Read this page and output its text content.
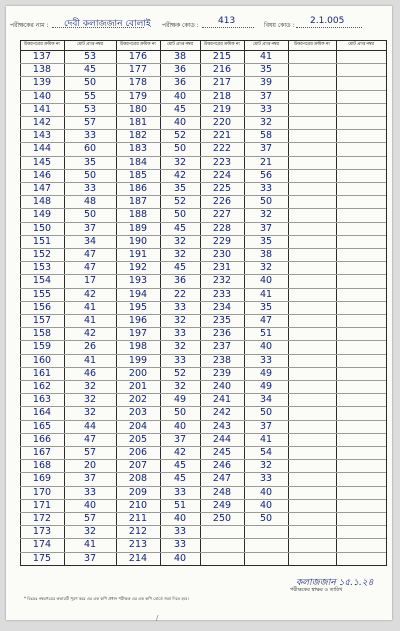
পরীক্ষকের নাম : দেবী কলাজজান বোলাই পরীক্ষক কোড : 413	বিষয় কোড : 2.1.005
উত্তরপত্রের ক্রমিক নং	মোট প্রাপ্ত নম্বর	উত্তরপত্রের ক্রমিক নং	মোট প্রাপ্ত নম্বর	উত্তরপত্রের ক্রমিক নং	মোট প্রাপ্ত নম্বর	উত্তরপত্রের ক্রমিক নং	মোট প্রাপ্ত নম্বর
137	53	176	38	215	41
138	45	177	36	216	35
139	50	178	36	217	39
140	55	179	40	218	37
141	53	180	45	219	33
142	57	181	40	220	32
143	33	182	52	221	58
144	60	183	50	222	37
145	35	184	32	223	21
146	50	185	42	224	56
147	33	186	35	225	33
148	48	187	52	226	50
149	50	188	50	227	32
150	37	189	45	228	37
151	34	190	32	229	35
152	47	191	32	230	38
153	47	192	45	231	32
154	17	193	36	232	40
155	42	194	22	233	41
156	41	195	33	234	35
157	41	196	32	235	47
158	42	197	33	236	51
159	26	198	32	237	40
160	41	199	33	238	33
161	46	200	52	239	49
162	32	201	32	240	49
163	32	202	49	241	34
164	32	203	50	242	50
165	44	204	40	243	37
166	47	205	37	244	41
167	57	206	42	245	54
168	20	207	45	246	32
169	37	208	45	247	33
170	33	209	33	248	40
171	40	210	51	249	40
172	57	211	40	250	50
173	32	212	33
174	41	213	33
175	37	214	40
কলাজজান ১৫.১.২৪
পরীক্ষকের স্বাক্ষর ও তারিখ
* বিঃদ্রঃ নম্বরপত্রের কভারটি পূরণ করে এর এক কপি প্রধান পরীক্ষক এর এক কপি বোর্ডে জমা দিতে হবে।
/
